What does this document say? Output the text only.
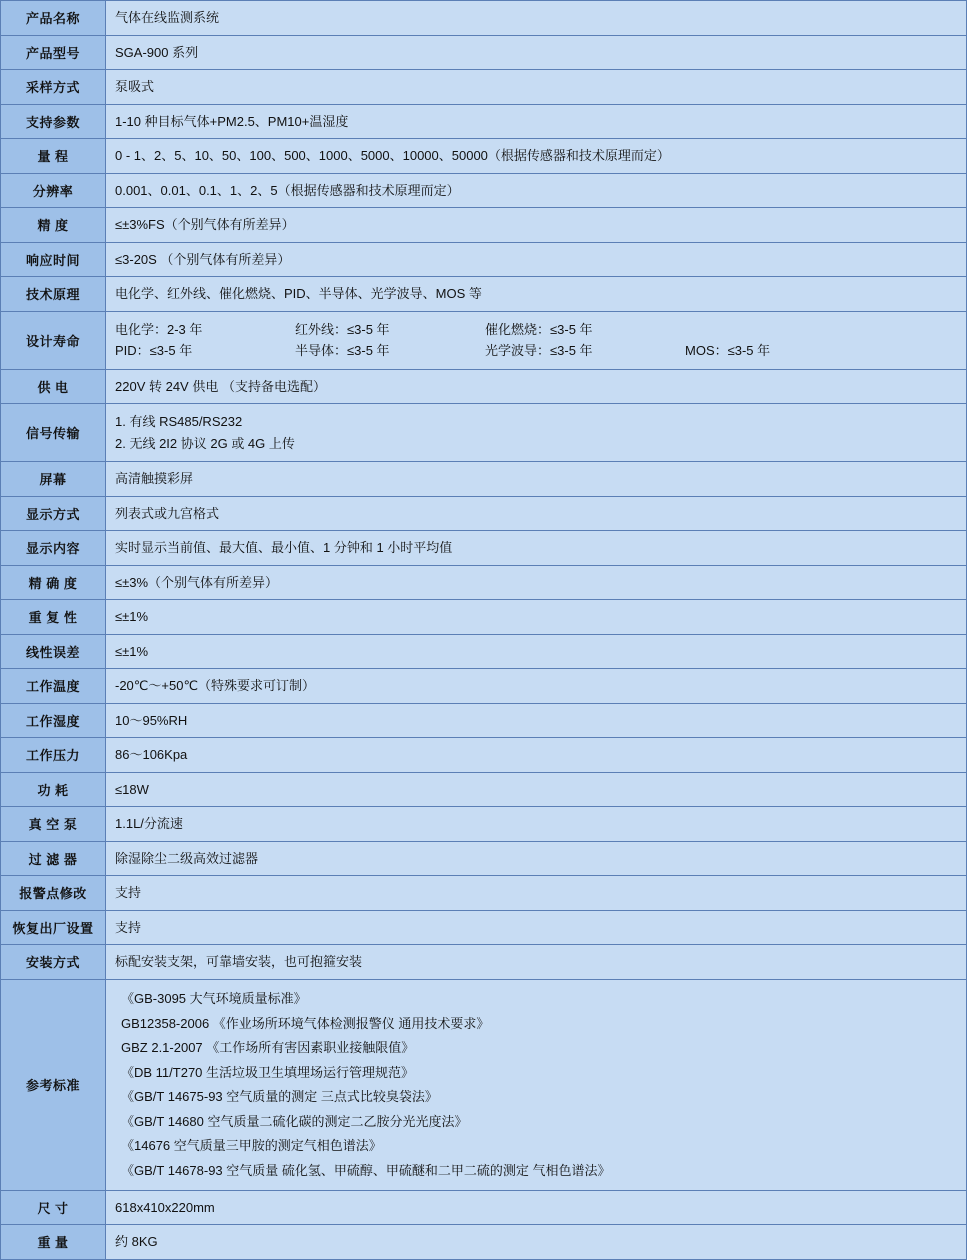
产品名称	气体在线监测系统
产品型号	SGA-900 系列
采样方式	泵吸式
支持参数	1-10 种目标气体+PM2.5、PM10+温湿度
量 程	0 - 1、2、5、10、50、100、500、1000、5000、10000、50000（根据传感器和技术原理而定）
分辨率	0.001、0.01、0.1、1、2、5（根据传感器和技术原理而定）
精 度	≤±3%FS（个别气体有所差异）
响应时间	≤3-20S （个别气体有所差异）
技术原理	电化学、红外线、催化燃烧、PID、半导体、光学波导、MOS 等
设计寿命	
电化学：2-3 年	红外线：≤3-5 年	催化燃烧：≤3-5 年
PID：≤3-5 年	半导体：≤3-5 年	光学波导：≤3-5 年	MOS：≤3-5 年

供 电	220V 转 24V 供电 （支持备电选配）
信号传输	1. 有线 RS485/RS232
2. 无线 2I2 协议 2G 或 4G 上传

屏幕	高清触摸彩屏
显示方式	列表式或九宫格式
显示内容	实时显示当前值、最大值、最小值、1 分钟和 1 小时平均值
精 确 度	≤±3%（个别气体有所差异）
重 复 性	≤±1%
线性误差	≤±1%
工作温度	-20℃～+50℃（特殊要求可订制）
工作湿度	10～95%RH
工作压力	86～106Kpa
功 耗	≤18W
真 空 泵	1.1L/分流速
过 滤 器	除湿除尘二级高效过滤器
报警点修改	支持
恢复出厂设置	支持
安装方式	标配安装支架，可靠墙安装，也可抱箍安装
参考标准	
《GB-3095 大气环境质量标准》
GB12358-2006 《作业场所环境气体检测报警仪 通用技术要求》
GBZ 2.1-2007 《工作场所有害因素职业接触限值》
《DB 11/T270 生活垃圾卫生填埋场运行管理规范》
《GB/T 14675-93 空气质量的测定 三点式比较臭袋法》
《GB/T 14680 空气质量二硫化碳的测定二乙胺分光光度法》
《14676 空气质量三甲胺的测定气相色谱法》
《GB/T 14678-93 空气质量 硫化氢、甲硫醇、甲硫醚和二甲二硫的测定 气相色谱法》

尺 寸	618x410x220mm
重 量	约 8KG
